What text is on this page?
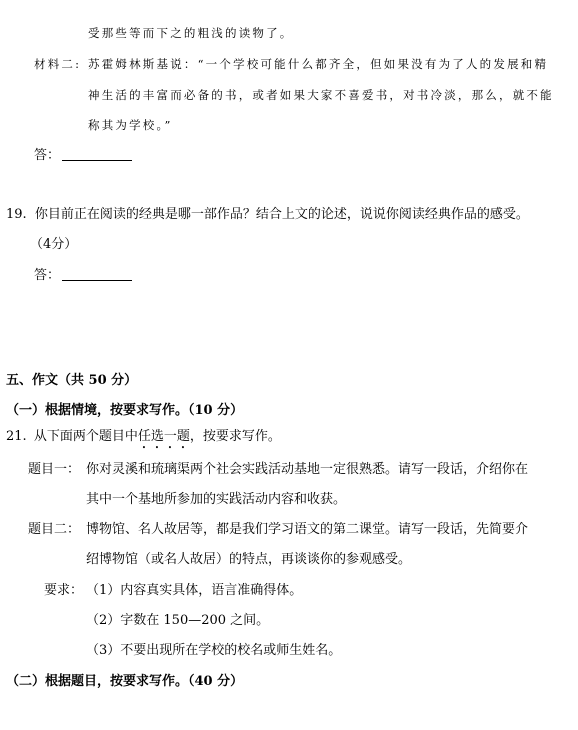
受那些等而下之的粗浅的读物了。
材料二: 苏霍姆林斯基说：“一个学校可能什么都齐全，但如果没有为了人的发展和精
神生活的丰富而必备的书，或者如果大家不喜爱书，对书冷淡，那么，就不能
称其为学校。”
答：
19. 你目前正在阅读的经典是哪一部作品？结合上文的论述，说说你阅读经典作品的感受。
（4分）
答：
五、作文（共 50 分）
（一）根据情境，按要求写作。（10 分）
21. 从下面两个题目中任选一题，按要求写作。
题目一： 你对灵溪和琉璃渠两个社会实践活动基地一定很熟悉。请写一段话，介绍你在
其中一个基地所参加的实践活动内容和收获。
题目二： 博物馆、名人故居等，都是我们学习语文的第二课堂。请写一段话，先简要介
绍博物馆（或名人故居）的特点，再谈谈你的参观感受。
要求： （1）内容真实具体，语言准确得体。
（2）字数在 150—200 之间。
（3）不要出现所在学校的校名或师生姓名。
（二）根据题目，按要求写作。（40 分）
